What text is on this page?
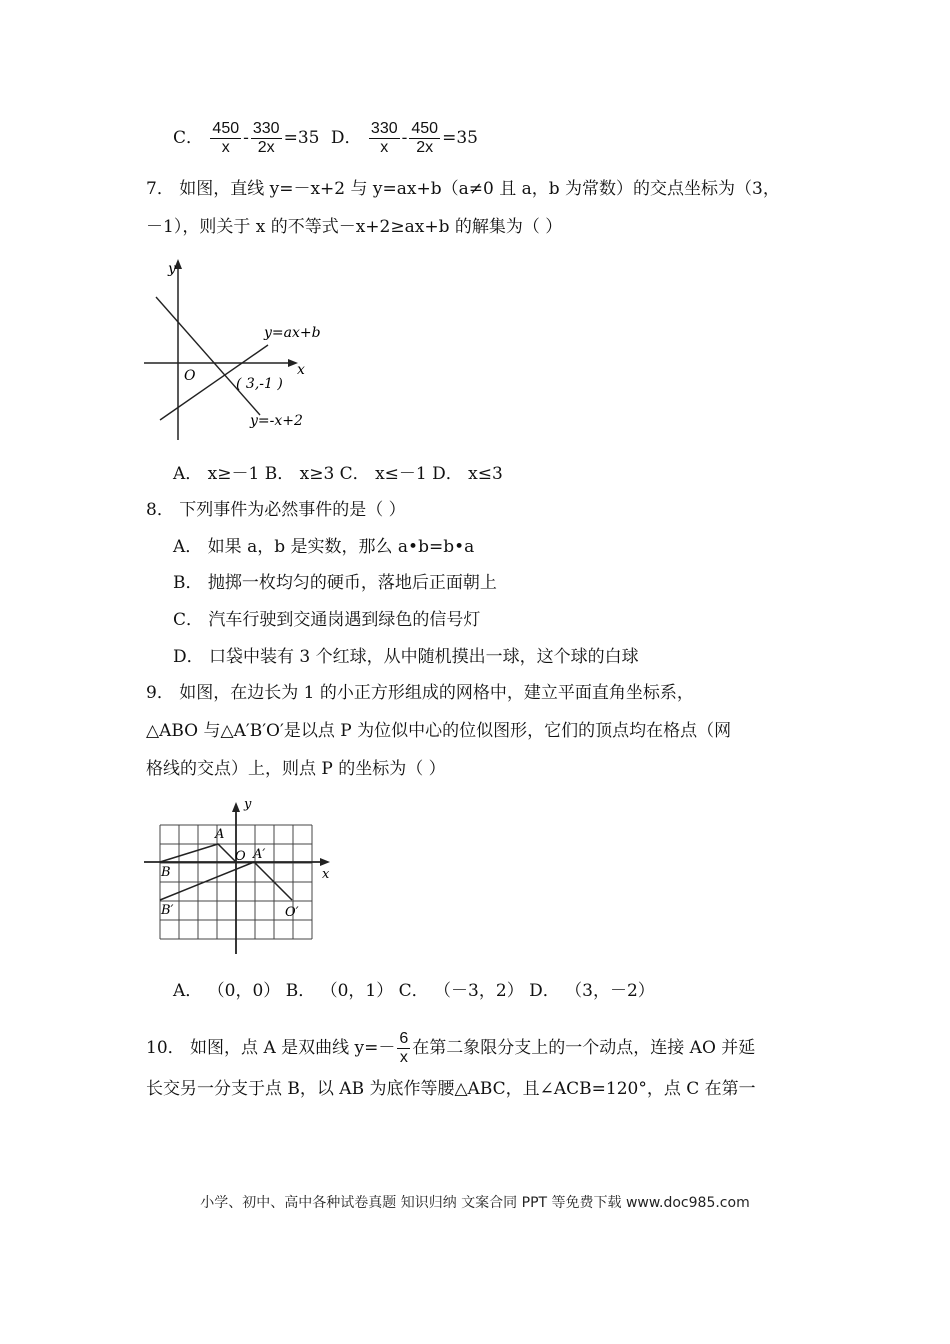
C． $\frac{450}{x} - \frac{330}{2x} =35$ D． $\frac{330}{x} - \frac{450}{2x} =35$
7． 如图，直线 y=－x+2 与 y=ax+b（a≠0 且 a，b 为常数）的交点坐标为（3，
－1），则关于 x 的不等式－x+2≥ax+b 的解集为（ ）
y
x
O
y=ax+b
y=-x+2
( 3,-1 )
A． x≥－1 B． x≥3 C． x≤－1 D． x≤3
8． 下列事件为必然事件的是（ ）
A． 如果 a，b 是实数，那么 a•b=b•a
B． 抛掷一枚均匀的硬币，落地后正面朝上
C． 汽车行驶到交通岗遇到绿色的信号灯
D． 口袋中装有 3 个红球，从中随机摸出一球，这个球的白球
9． 如图，在边长为 1 的小正方形组成的网格中，建立平面直角坐标系，
△ABO 与△A′B′O′是以点 P 为位似中心的位似图形，它们的顶点均在格点（网
格线的交点）上，则点 P 的坐标为（ ）
y
x
A
O A′
B
B′	O′
A． （0，0） B． （0，1） C． （－3，2） D． （3，－2）
10． 如图，点 A 是双曲线 $y=- \frac{6}{x}$ 在第二象限分支上的一个动点，连接 AO 并延
长交另一分支于点 B，以 AB 为底作等腰△ABC，且∠ACB=120°，点 C 在第一
小学、初中、高中各种试卷真题 知识归纳 文案合同 PPT 等免费下载 www.doc985.com
